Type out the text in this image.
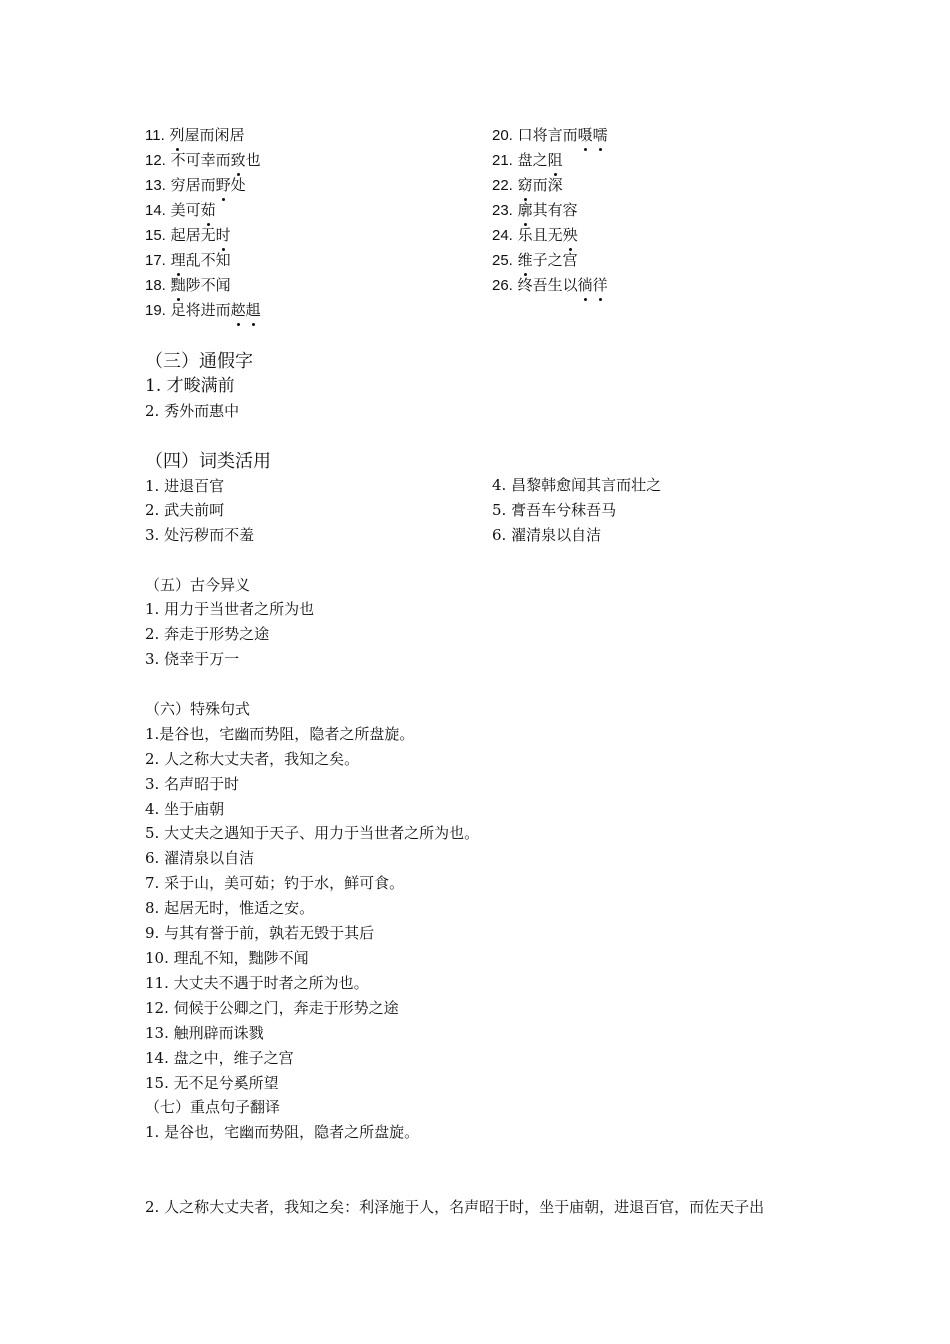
11. 列屋而闲居
12. 不可幸而致也
13. 穷居而野处
14. 美可茹
15. 起居无时
17. 理乱不知
18. 黜陟不闻
19. 足将进而趑趄
20. 口将言而嗫嚅
21. 盘之阻
22. 窈而深
23. 廓其有容
24. 乐且无殃
25. 维子之宫
26. 终吾生以徜徉
（三）通假字
1. 才畯满前
2. 秀外而惠中
（四）词类活用
1. 进退百官
2. 武夫前呵
3. 处污秽而不羞
4. 昌黎韩愈闻其言而壮之
5. 膏吾车兮秣吾马
6. 濯清泉以自洁
（五）古今异义
1. 用力于当世者之所为也
2. 奔走于形势之途
3. 侥幸于万一
（六）特殊句式
1.是谷也，宅幽而势阻，隐者之所盘旋。
2. 人之称大丈夫者，我知之矣。
3. 名声昭于时
4. 坐于庙朝
5. 大丈夫之遇知于天子、用力于当世者之所为也。
6. 濯清泉以自洁
7. 采于山，美可茹；钓于水，鲜可食。
8. 起居无时，惟适之安。
9. 与其有誉于前，孰若无毁于其后
10. 理乱不知，黜陟不闻
11. 大丈夫不遇于时者之所为也。
12. 伺候于公卿之门，奔走于形势之途
13. 触刑辟而诛戮
14. 盘之中，维子之宫
15. 无不足兮奚所望
（七）重点句子翻译
1. 是谷也，宅幽而势阻，隐者之所盘旋。
2. 人之称大丈夫者，我知之矣：利泽施于人，名声昭于时，坐于庙朝，进退百官，而佐天子出
